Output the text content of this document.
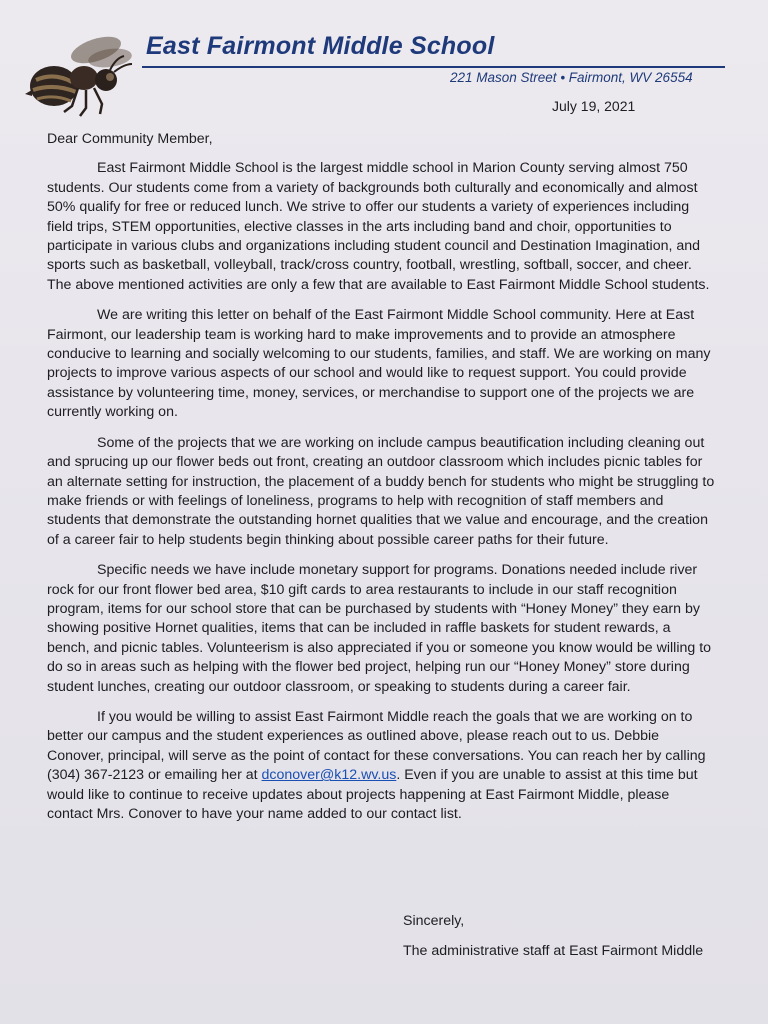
East Fairmont Middle School
221 Mason Street • Fairmont, WV 26554
July 19, 2021

Dear Community Member,

East Fairmont Middle School is the largest middle school in Marion County serving almost 750 students. Our students come from a variety of backgrounds both culturally and economically and almost 50% qualify for free or reduced lunch. We strive to offer our students a variety of experiences including field trips, STEM opportunities, elective classes in the arts including band and choir, opportunities to participate in various clubs and organizations including student council and Destination Imagination, and sports such as basketball, volleyball, track/cross country, football, wrestling, softball, soccer, and cheer. The above mentioned activities are only a few that are available to East Fairmont Middle School students.

We are writing this letter on behalf of the East Fairmont Middle School community. Here at East Fairmont, our leadership team is working hard to make improvements and to provide an atmosphere conducive to learning and socially welcoming to our students, families, and staff. We are working on many projects to improve various aspects of our school and would like to request support. You could provide assistance by volunteering time, money, services, or merchandise to support one of the projects we are currently working on.

Some of the projects that we are working on include campus beautification including cleaning out and sprucing up our flower beds out front, creating an outdoor classroom which includes picnic tables for an alternate setting for instruction, the placement of a buddy bench for students who might be struggling to make friends or with feelings of loneliness, programs to help with recognition of staff members and students that demonstrate the outstanding hornet qualities that we value and encourage, and the creation of a career fair to help students begin thinking about possible career paths for their future.

Specific needs we have include monetary support for programs. Donations needed include river rock for our front flower bed area, $10 gift cards to area restaurants to include in our staff recognition program, items for our school store that can be purchased by students with “Honey Money” they earn by showing positive Hornet qualities, items that can be included in raffle baskets for student rewards, a bench, and picnic tables. Volunteerism is also appreciated if you or someone you know would be willing to do so in areas such as helping with the flower bed project, helping run our “Honey Money” store during student lunches, creating our outdoor classroom, or speaking to students during a career fair.

If you would be willing to assist East Fairmont Middle reach the goals that we are working on to better our campus and the student experiences as outlined above, please reach out to us. Debbie Conover, principal, will serve as the point of contact for these conversations. You can reach her by calling (304) 367-2123 or emailing her at dconover@k12.wv.us. Even if you are unable to assist at this time but would like to continue to receive updates about projects happening at East Fairmont Middle, please contact Mrs. Conover to have your name added to our contact list.

Sincerely,

The administrative staff at East Fairmont Middle
